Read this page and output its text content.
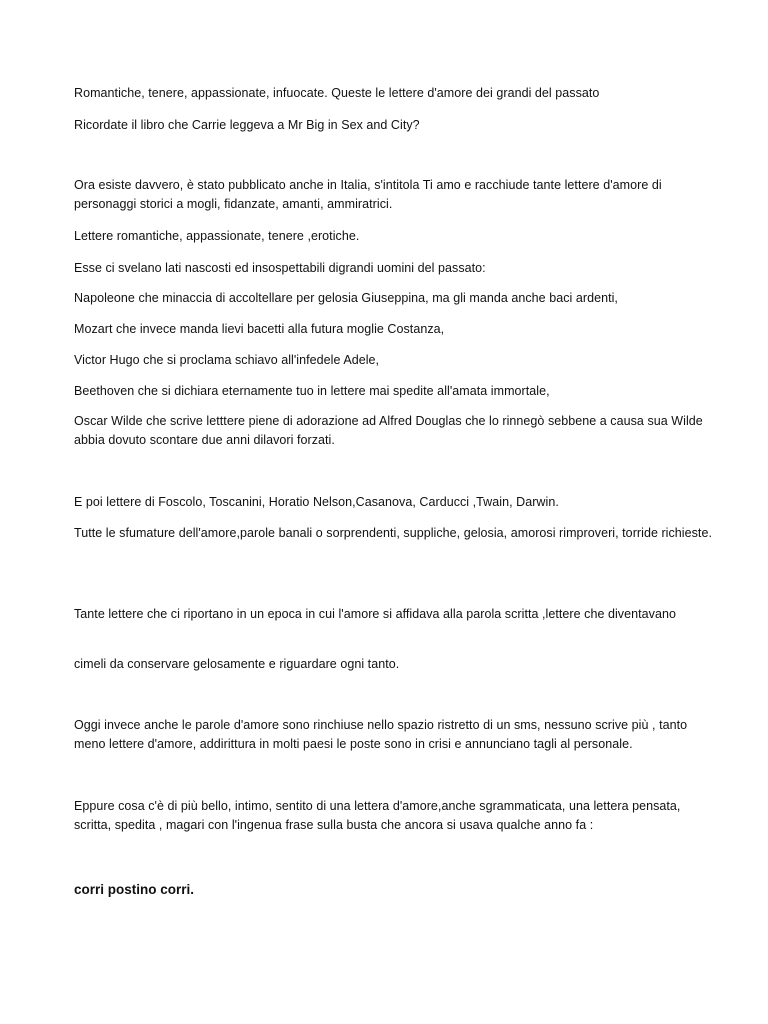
Romantiche, tenere, appassionate, infuocate. Queste le lettere d'amore dei grandi del passato

Ricordate il libro che Carrie leggeva a Mr Big in Sex and City?

Ora esiste davvero, è stato pubblicato anche in Italia, s'intitola Ti amo e racchiude tante lettere d'amore di personaggi storici a mogli, fidanzate, amanti, ammiratrici.

Lettere romantiche, appassionate, tenere ,erotiche.

Esse ci svelano lati nascosti ed insospettabili digrandi uomini del passato:

Napoleone che minaccia di accoltellare per gelosia Giuseppina, ma gli manda anche baci ardenti,

Mozart che invece manda lievi bacetti alla futura moglie Costanza,

Victor Hugo che si proclama schiavo all'infedele Adele,

Beethoven che si dichiara eternamente tuo in lettere mai spedite all'amata immortale,

Oscar Wilde che scrive letttere piene di adorazione ad Alfred Douglas che lo rinnegò sebbene a causa sua Wilde abbia dovuto scontare due anni dilavori forzati.

E poi lettere di Foscolo, Toscanini, Horatio Nelson,Casanova, Carducci ,Twain, Darwin.

Tutte le sfumature dell'amore,parole banali o sorprendenti, suppliche, gelosia, amorosi rimproveri, torride richieste.

Tante lettere che ci riportano in un epoca in cui l'amore si affidava alla parola scritta ,lettere che diventavano

cimeli da conservare gelosamente e riguardare ogni tanto.

Oggi invece anche le parole d'amore sono rinchiuse nello spazio ristretto di un sms, nessuno scrive più , tanto meno lettere d'amore, addirittura in molti paesi le poste sono in crisi e annunciano tagli al personale.

Eppure cosa c'è di più bello, intimo, sentito di una lettera d'amore,anche sgrammaticata, una lettera pensata, scritta, spedita , magari con l'ingenua frase sulla busta che ancora si usava qualche anno fa :

corri postino corri.
